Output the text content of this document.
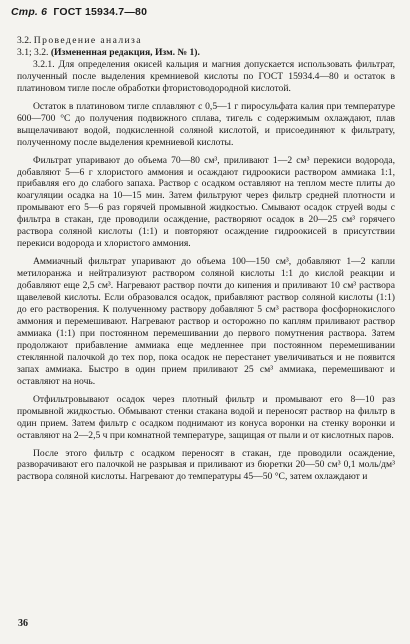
Стр. 6 ГОСТ 15934.7—80

3.2. Проведение анализа

3.1; 3.2. (Измененная редакция, Изм. № 1).

3.2.1. Для определения окисей кальция и магния допускается использовать фильтрат, полученный после выделения кремниевой кислоты по ГОСТ 15934.4—80 и остаток в платиновом тигле после обработки фтористоводородной кислотой.

Остаток в платиновом тигле сплавляют с 0,5—1 г пиросульфата калия при температуре 600—700 °С до получения подвижного сплава, тигель с содержимым охлаждают, плав выщелачивают водой, подкисленной соляной кислотой, и присоединяют к фильтрату, полученному после выделения кремниевой кислоты.

Фильтрат упаривают до объема 70—80 см³, приливают 1—2 см³ перекиси водорода, добавляют 5—6 г хлористого аммония и осаждают гидроокиси раствором аммиака 1:1, прибавляя его до слабого запаха. Раствор с осадком оставляют на теплом месте плиты до коагуляции осадка на 10—15 мин. Затем фильтруют через фильтр средней плотности и промывают его 5—6 раз горячей промывной жидкостью. Смывают осадок струей воды с фильтра в стакан, где проводили осаждение, растворяют осадок в 20—25 см³ горячего раствора соляной кислоты (1:1) и повторяют осаждение гидроокисей в присутствии перекиси водорода и хлористого аммония.

Аммиачный фильтрат упаривают до объема 100—150 см³, добавляют 1—2 капли метилоранжа и нейтрализуют раствором соляной кислоты 1:1 до кислой реакции и добавляют еще 2,5 см³. Нагревают раствор почти до кипения и приливают 10 см³ раствора щавелевой кислоты. Если образовался осадок, прибавляют раствор соляной кислоты (1:1) до его растворения. К полученному раствору добавляют 5 см³ раствора фосфорнокислого аммония и перемешивают. Нагревают раствор и осторожно по каплям приливают раствор аммиака (1:1) при постоянном перемешивании до первого помутнения раствора. Затем продолжают прибавление аммиака еще медленнее при постоянном перемешивании стеклянной палочкой до тех пор, пока осадок не перестанет увеличиваться и не появится запах аммиака. Быстро в один прием приливают 25 см³ аммиака, перемешивают и оставляют на ночь.

Отфильтровывают осадок через плотный фильтр и промывают его 8—10 раз промывной жидкостью. Обмывают стенки стакана водой и переносят раствор на фильтр в один прием. Затем фильтр с осадком поднимают из конуса воронки на стенку воронки и оставляют на 2—2,5 ч при комнатной температуре, защищая от пыли и от кислотных паров.

После этого фильтр с осадком переносят в стакан, где проводили осаждение, разворачивают его палочкой не разрывая и приливают из бюретки 20—50 см³ 0,1 моль/дм³ раствора соляной кислоты. Нагревают до температуры 45—50 °С, затем охлаждают и

36
